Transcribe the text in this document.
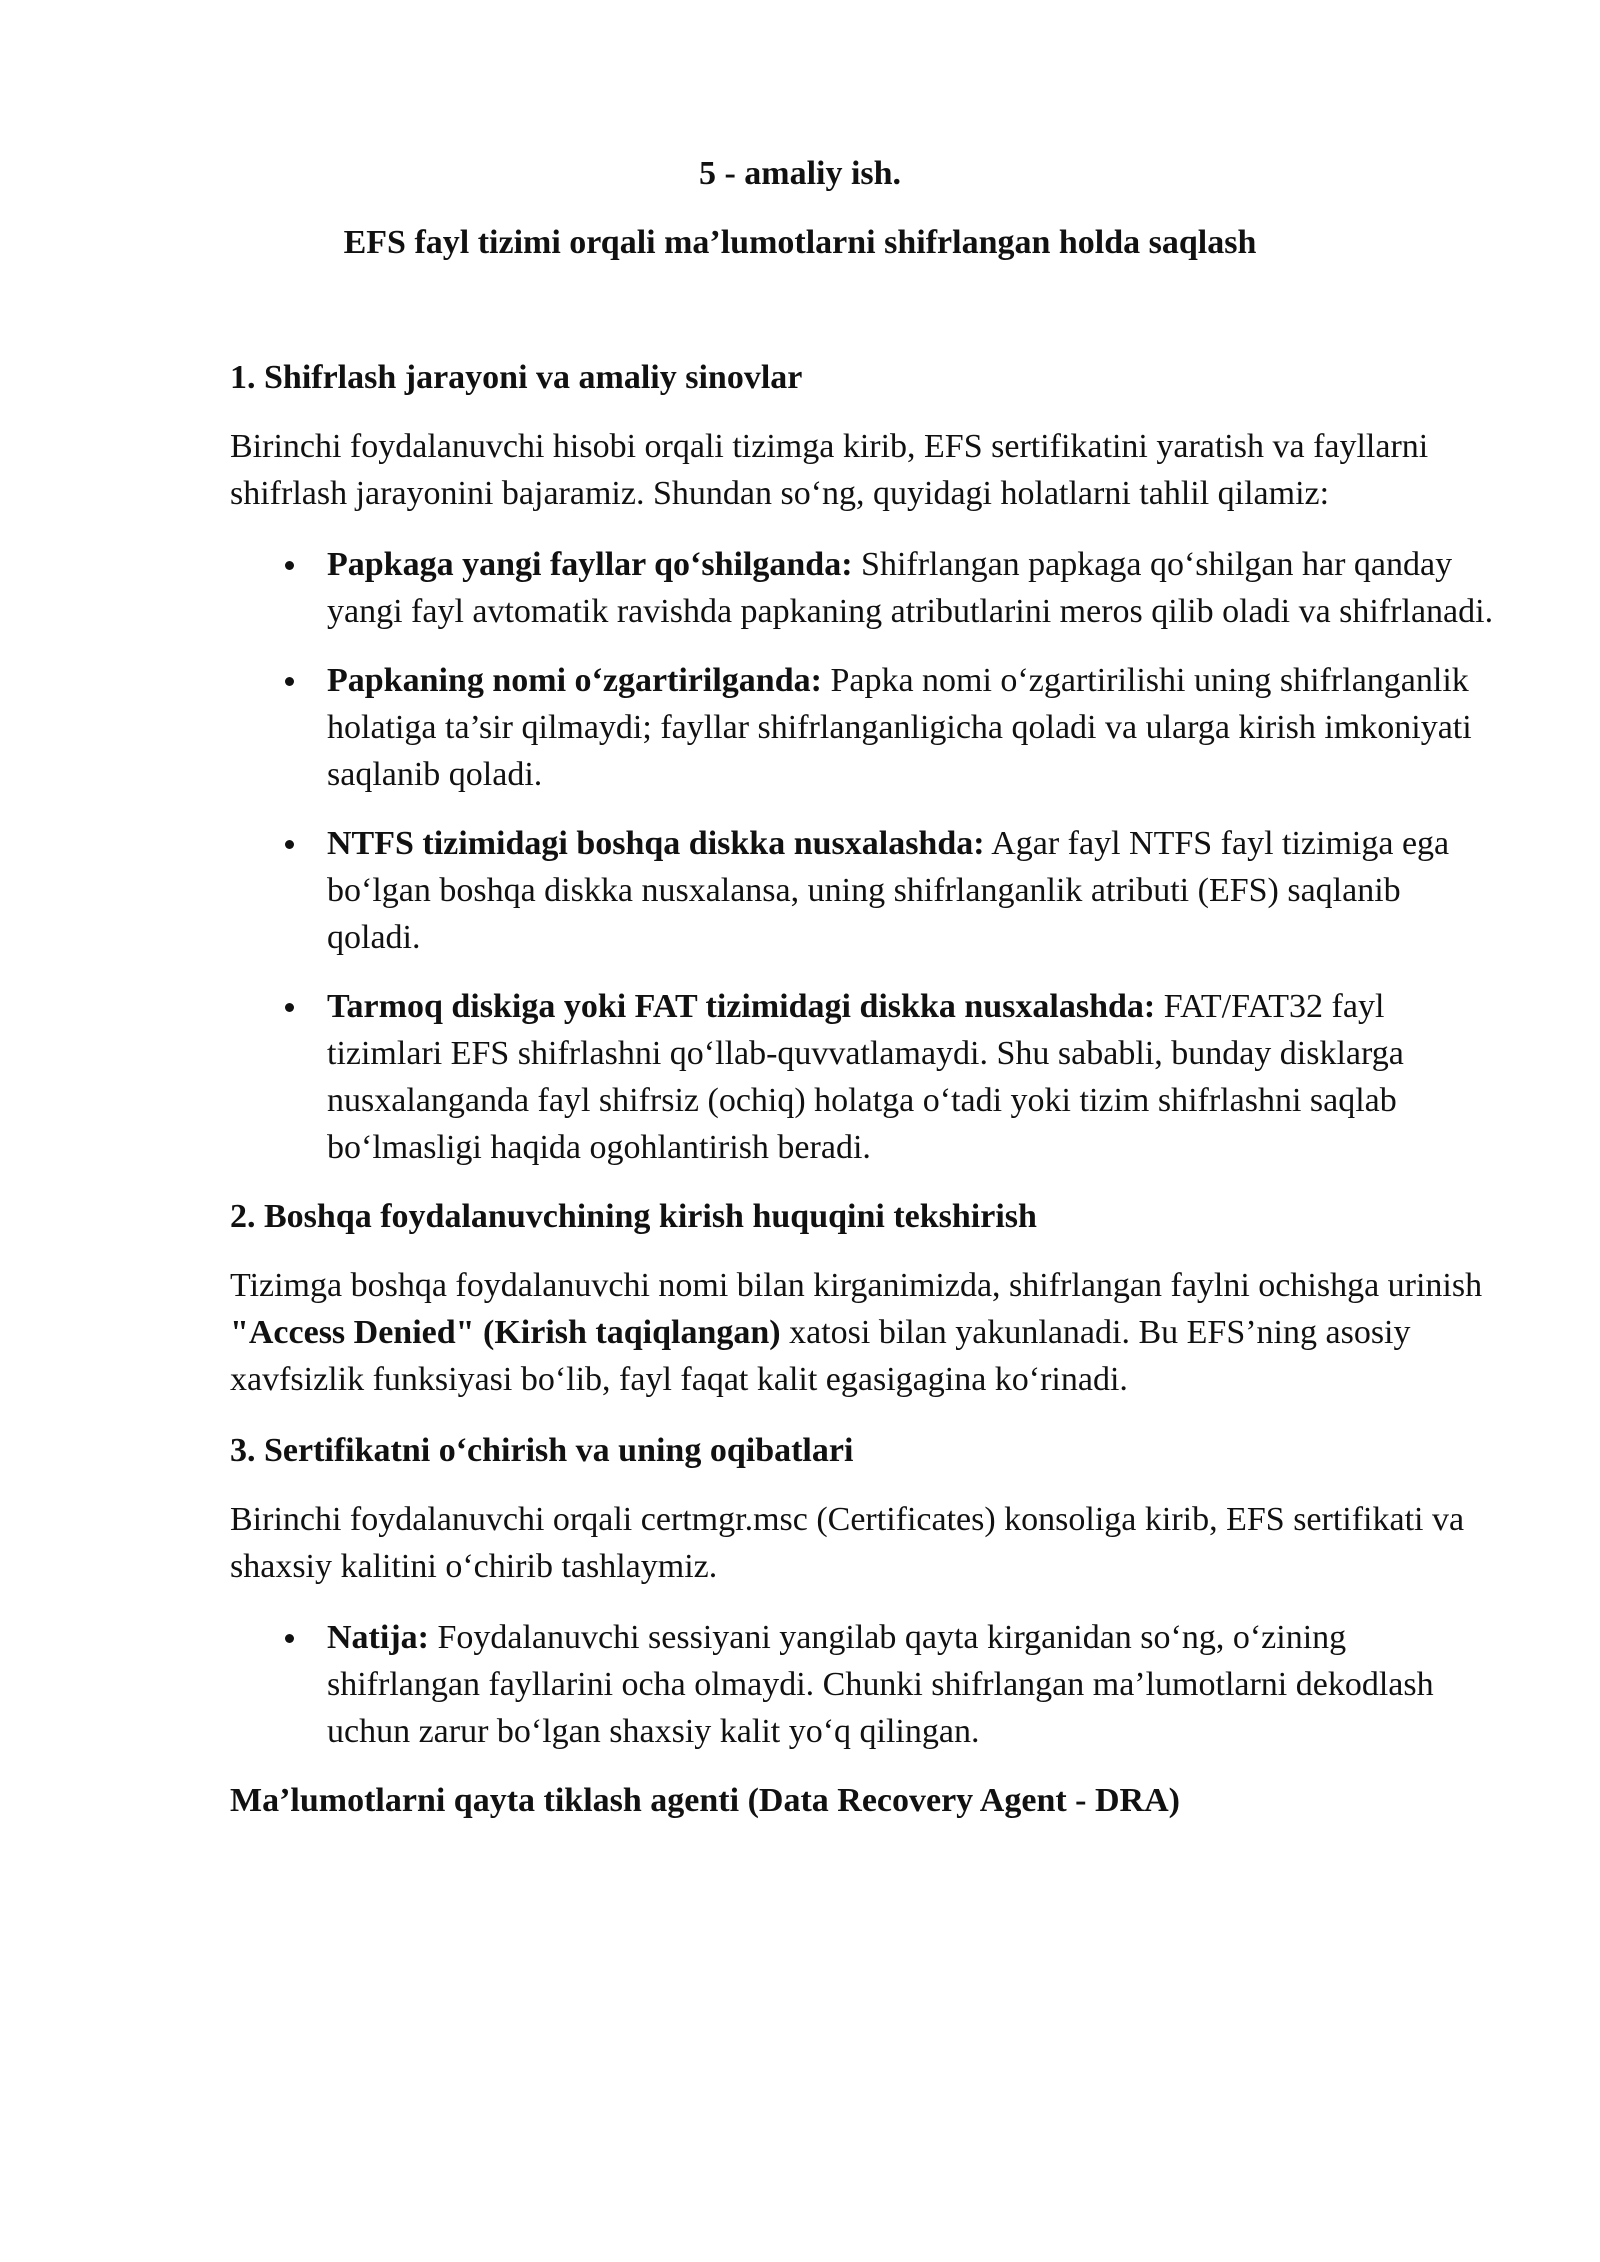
5 - amaliy ish.
EFS fayl tizimi orqali ma’lumotlarni shifrlangan holda saqlash
1. Shifrlash jarayoni va amaliy sinovlar

Birinchi foydalanuvchi hisobi orqali tizimga kirib, EFS sertifikatini yaratish va fayllarni shifrlash jarayonini bajaramiz. Shundan so‘ng, quyidagi holatlarni tahlil qilamiz:

Papkaga yangi fayllar qo‘shilganda: Shifrlangan papkaga qo‘shilgan har qanday yangi fayl avtomatik ravishda papkaning atributlarini meros qilib oladi va shifrlanadi.
Papkaning nomi o‘zgartirilganda: Papka nomi o‘zgartirilishi uning shifrlanganlik holatiga ta’sir qilmaydi; fayllar shifrlanganligicha qoladi va ularga kirish imkoniyati saqlanib qoladi.
NTFS tizimidagi boshqa diskka nusxalashda: Agar fayl NTFS fayl tizimiga ega bo‘lgan boshqa diskka nusxalansa, uning shifrlanganlik atributi (EFS) saqlanib qoladi.
Tarmoq diskiga yoki FAT tizimidagi diskka nusxalashda: FAT/FAT32 fayl tizimlari EFS shifrlashni qo‘llab-quvvatlamaydi. Shu sababli, bunday disklarga nusxalanganda fayl shifrsiz (ochiq) holatga o‘tadi yoki tizim shifrlashni saqlab bo‘lmasligi haqida ogohlantirish beradi.
2. Boshqa foydalanuvchining kirish huquqini tekshirish

Tizimga boshqa foydalanuvchi nomi bilan kirganimizda, shifrlangan faylni ochishga urinish "Access Denied" (Kirish taqiqlangan) xatosi bilan yakunlanadi. Bu EFS’ning asosiy xavfsizlik funksiyasi bo‘lib, fayl faqat kalit egasigagina ko‘rinadi.

3. Sertifikatni o‘chirish va uning oqibatlari

Birinchi foydalanuvchi orqali certmgr.msc (Certificates) konsoliga kirib, EFS sertifikati va shaxsiy kalitini o‘chirib tashlaymiz.

Natija: Foydalanuvchi sessiyani yangilab qayta kirganidan so‘ng, o‘zining shifrlangan fayllarini ocha olmaydi. Chunki shifrlangan ma’lumotlarni dekodlash uchun zarur bo‘lgan shaxsiy kalit yo‘q qilingan.
Ma’lumotlarni qayta tiklash agenti (Data Recovery Agent - DRA)
